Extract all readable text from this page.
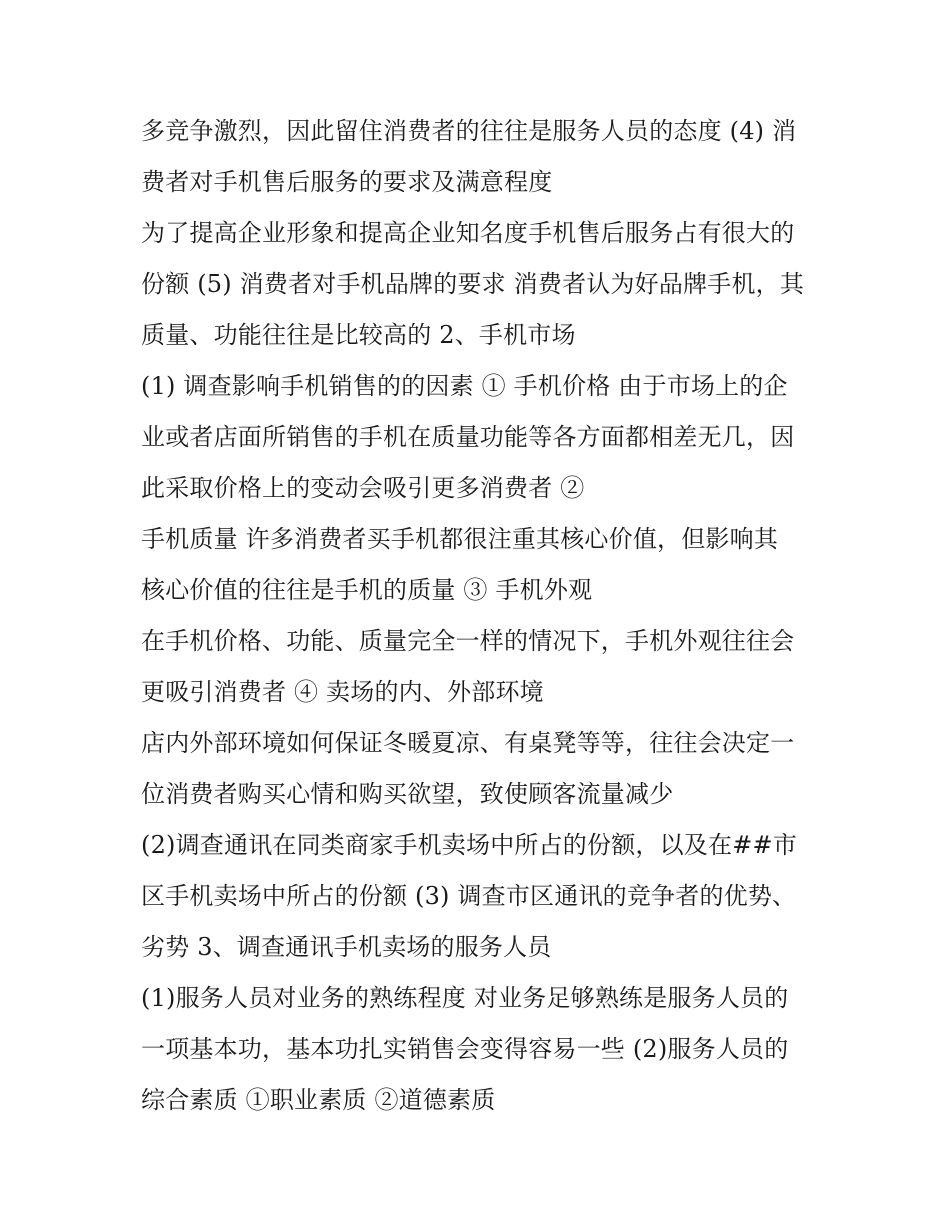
多竞争激烈，因此留住消费者的往往是服务人员的态度 (4) 消
费者对手机售后服务的要求及满意程度
为了提高企业形象和提高企业知名度手机售后服务占有很大的
份额 (5) 消费者对手机品牌的要求 消费者认为好品牌手机，其
质量、功能往往是比较高的 2、手机市场
(1) 调查影响手机销售的的因素 ① 手机价格 由于市场上的企
业或者店面所销售的手机在质量功能等各方面都相差无几，因
此采取价格上的变动会吸引更多消费者 ②
手机质量 许多消费者买手机都很注重其核心价值，但影响其
核心价值的往往是手机的质量 ③ 手机外观
在手机价格、功能、质量完全一样的情况下，手机外观往往会
更吸引消费者 ④ 卖场的内、外部环境
店内外部环境如何保证冬暖夏凉、有桌凳等等，往往会决定一
位消费者购买心情和购买欲望，致使顾客流量减少
(2)调查通讯在同类商家手机卖场中所占的份额，以及在##市
区手机卖场中所占的份额 (3) 调查市区通讯的竞争者的优势、
劣势 3、调查通讯手机卖场的服务人员
(1)服务人员对业务的熟练程度 对业务足够熟练是服务人员的
一项基本功，基本功扎实销售会变得容易一些 (2)服务人员的
综合素质 ①职业素质 ②道德素质
